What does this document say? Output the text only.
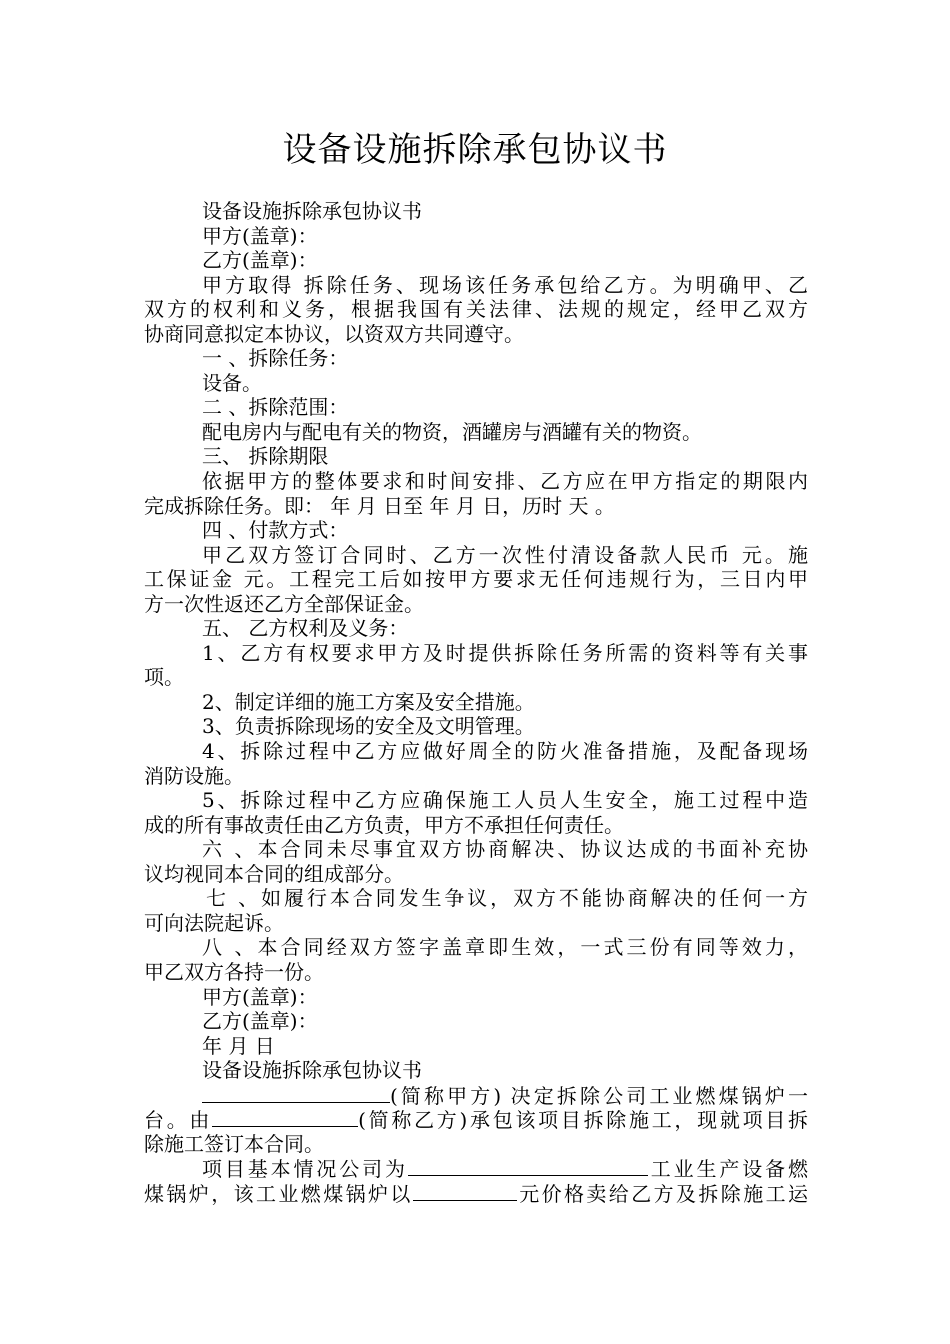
设备设施拆除承包协议书
设备设施拆除承包协议书
甲方(盖章)：
乙方(盖章)：
甲方取得 拆除任务、现场该任务承包给乙方。为明确甲、乙
双方的权利和义务，根据我国有关法律、法规的规定，经甲乙双方
协商同意拟定本协议，以资双方共同遵守。
一 、拆除任务：
设备。
二 、拆除范围：
配电房内与配电有关的物资，酒罐房与酒罐有关的物资。
三、 拆除期限
依据甲方的整体要求和时间安排、乙方应在甲方指定的期限内
完成拆除任务。即： 年 月 日至 年 月 日，历时 天 。
四 、付款方式：
甲乙双方签订合同时、乙方一次性付清设备款人民币 元。施
工保证金 元。工程完工后如按甲方要求无任何违规行为，三日内甲
方一次性返还乙方全部保证金。
五、 乙方权利及义务：
1、乙方有权要求甲方及时提供拆除任务所需的资料等有关事
项。
2、制定详细的施工方案及安全措施。
3、负责拆除现场的安全及文明管理。
4、拆除过程中乙方应做好周全的防火准备措施，及配备现场
消防设施。
5、拆除过程中乙方应确保施工人员人生安全，施工过程中造
成的所有事故责任由乙方负责，甲方不承担任何责任。
六 、本合同未尽事宜双方协商解决、协议达成的书面补充协
议均视同本合同的组成部分。
七 、如履行本合同发生争议，双方不能协商解决的任何一方
可向法院起诉。
八 、本合同经双方签字盖章即生效，一式三份有同等效力，
甲乙双方各持一份。
甲方(盖章)：
乙方(盖章)：
年 月 日
设备设施拆除承包协议书
(简称甲方) 决定拆除公司工业燃煤锅炉一
台。由	(简称乙方)承包该项目拆除施工，现就项目拆
除施工签订本合同。
项目基本情况公司为	工业生产设备燃
煤锅炉，该工业燃煤锅炉以	元价格卖给乙方及拆除施工运
